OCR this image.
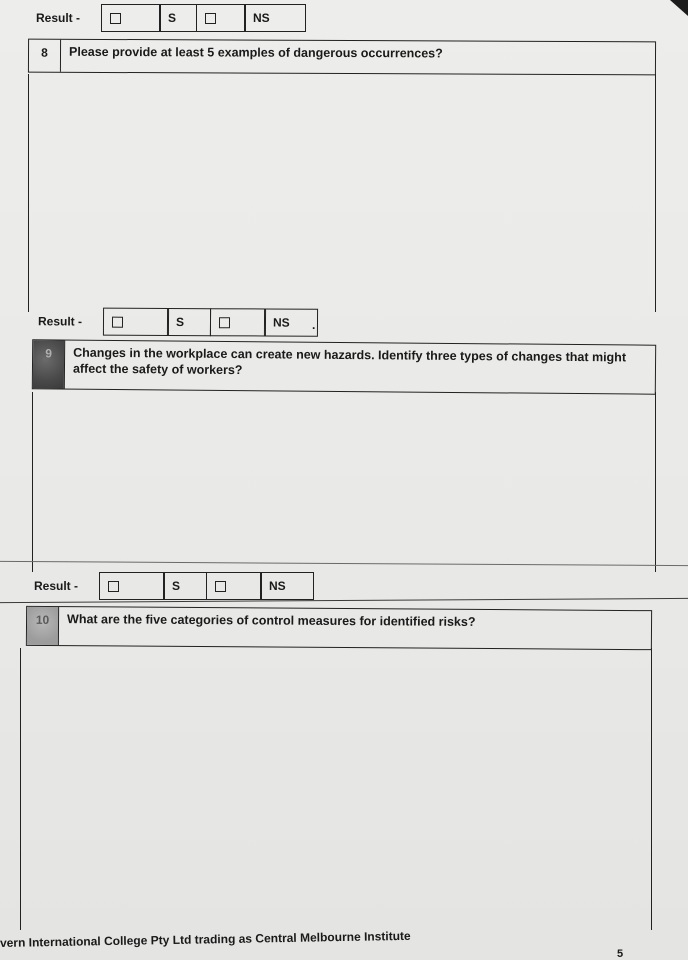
Result -	S	NS
8	Please provide at least 5 examples of dangerous occurrences?
Result -	S	NS	.
9	Changes in the workplace can create new hazards. Identify three types of changes that might affect the safety of workers?
Result -	S	NS
10	What are the five categories of control measures for identified risks?
vern International College Pty Ltd trading as Central Melbourne Institute
5
